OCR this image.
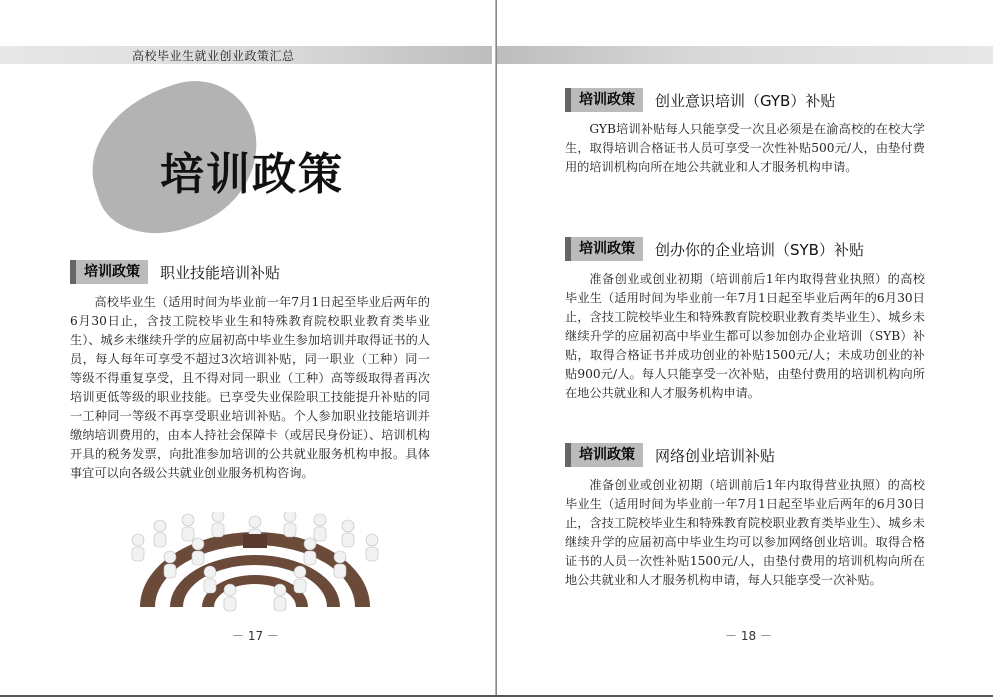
高校毕业生就业创业政策汇总
培训政策
培训政策	职业技能培训补贴

高校毕业生（适用时间为毕业前一年7月1日起至毕业后两年的6月30日止，含技工院校毕业生和特殊教育院校职业教育类毕业生）、城乡未继续升学的应届初高中毕业生参加培训并取得证书的人员，每人每年可享受不超过3次培训补贴，同一职业（工种）同一等级不得重复享受，且不得对同一职业（工种）高等级取得者再次培训更低等级的职业技能。已享受失业保险职工技能提升补贴的同一工种同一等级不再享受职业培训补贴。个人参加职业技能培训并缴纳培训费用的，由本人持社会保障卡（或居民身份证）、培训机构开具的税务发票，向批准参加培训的公共就业服务机构申报。具体事宜可以向各级公共就业创业服务机构咨询。

－ 17 －
培训政策	创业意识培训（GYB）补贴

GYB培训补贴每人只能享受一次且必须是在渝高校的在校大学生，取得培训合格证书人员可享受一次性补贴500元/人，由垫付费用的培训机构向所在地公共就业和人才服务机构申请。

培训政策	创办你的企业培训（SYB）补贴

准备创业或创业初期（培训前后1年内取得营业执照）的高校毕业生（适用时间为毕业前一年7月1日起至毕业后两年的6月30日止，含技工院校毕业生和特殊教育院校职业教育类毕业生）、城乡未继续升学的应届初高中毕业生都可以参加创办企业培训（SYB）补贴，取得合格证书并成功创业的补贴1500元/人；未成功创业的补贴900元/人。每人只能享受一次补贴，由垫付费用的培训机构向所在地公共就业和人才服务机构申请。

培训政策	网络创业培训补贴

准备创业或创业初期（培训前后1年内取得营业执照）的高校毕业生（适用时间为毕业前一年7月1日起至毕业后两年的6月30日止，含技工院校毕业生和特殊教育院校职业教育类毕业生）、城乡未继续升学的应届初高中毕业生均可以参加网络创业培训。取得合格证书的人员一次性补贴1500元/人，由垫付费用的培训机构向所在地公共就业和人才服务机构申请，每人只能享受一次补贴。

－ 18 －
